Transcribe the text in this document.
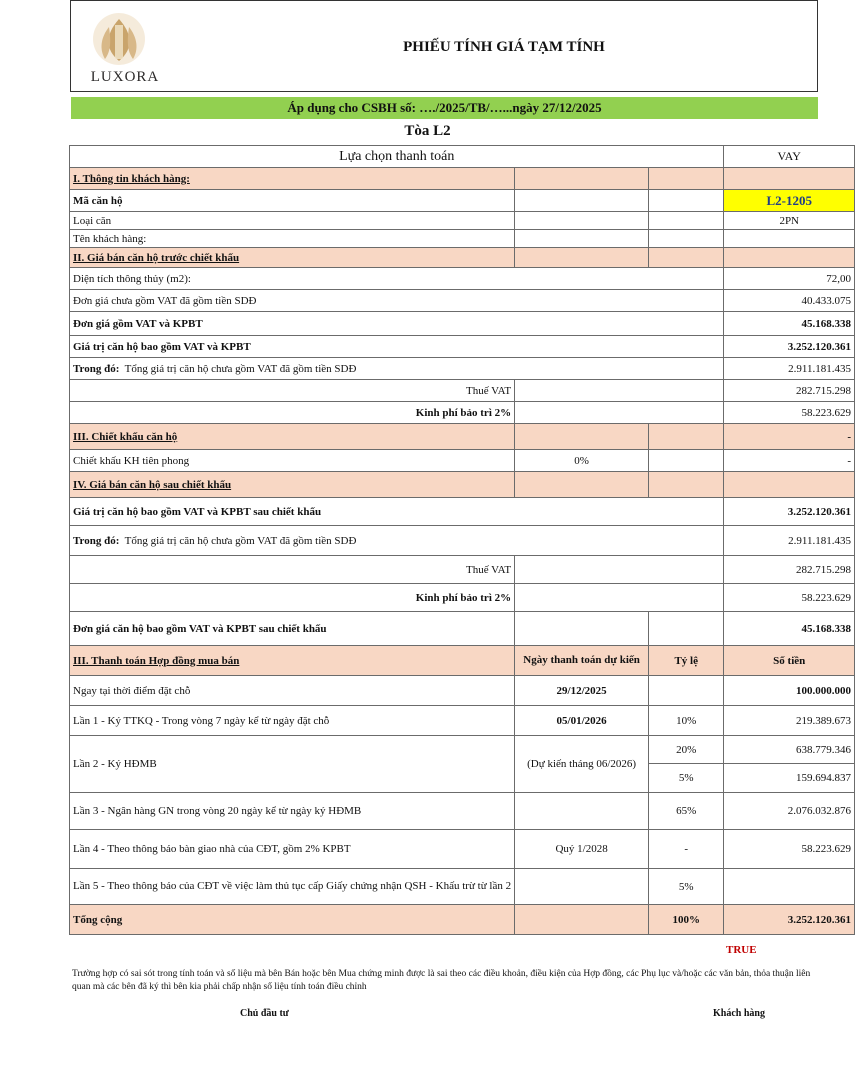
LUXORA
PHIẾU TÍNH GIÁ TẠM TÍNH
Áp dụng cho CSBH số: …./2025/TB/…...ngày 27/12/2025
Tòa L2
Lựa chọn thanh toán			VAY
I. Thông tin khách hàng:			
Mã căn hộ			L2-1205
Loại căn			2PN
Tên khách hàng:			
II. Giá bán căn hộ trước chiết khấu			
Diện tích thông thủy (m2):			72,00
Đơn giá chưa gồm VAT đã gồm tiền SDĐ			40.433.075
Đơn giá gồm VAT và KPBT			45.168.338
Giá trị căn hộ bao gồm VAT và KPBT			3.252.120.361
Trong đó: Tổng giá trị căn hộ chưa gồm VAT đã gồm tiền SDĐ			2.911.181.435
Thuế VAT			282.715.298
Kinh phí bảo trì 2%			58.223.629
III. Chiết khấu căn hộ			-
Chiết khấu KH tiên phong	0%		-
IV. Giá bán căn hộ sau chiết khấu			
Giá trị căn hộ bao gồm VAT và KPBT sau chiết khấu			3.252.120.361
Trong đó: Tổng giá trị căn hộ chưa gồm VAT đã gồm tiền SDĐ			2.911.181.435
Thuế VAT			282.715.298
Kinh phí bảo trì 2%			58.223.629
Đơn giá căn hộ bao gồm VAT và KPBT sau chiết khấu			45.168.338
III. Thanh toán Hợp đồng mua bán	Ngày thanh toán dự kiến	Tỷ lệ	Số tiền
Ngay tại thời điểm đặt chỗ	29/12/2025		100.000.000
Lần 1 - Ký TTKQ - Trong vòng 7 ngày kể từ ngày đặt chỗ	05/01/2026	10%	219.389.673
Lần 2 - Ký HĐMB	(Dự kiến tháng 06/2026)	20%	638.779.346
		5%	159.694.837
Lần 3 - Ngân hàng GN trong vòng 20 ngày kể từ ngày ký HĐMB		65%	2.076.032.876
Lần 4 - Theo thông báo bàn giao nhà của CĐT, gồm 2% KPBT	Quý 1/2028	-	58.223.629
Lần 5 - Theo thông báo của CĐT về việc làm thủ tục cấp Giấy chứng nhận QSH - Khấu trừ từ lần 2		5%	
Tổng cộng		100%	3.252.120.361
TRUE
Trường hợp có sai sót trong tính toán và số liệu mà bên Bán hoặc bên Mua chứng minh được là sai theo các điều khoản, điều kiện của Hợp đồng, các Phụ lục và/hoặc các văn bản, thỏa thuận liên quan mà các bên đã ký thì bên kia phải chấp nhận số liệu tính toán điều chỉnh
Chủ đầu tư	Khách hàng
